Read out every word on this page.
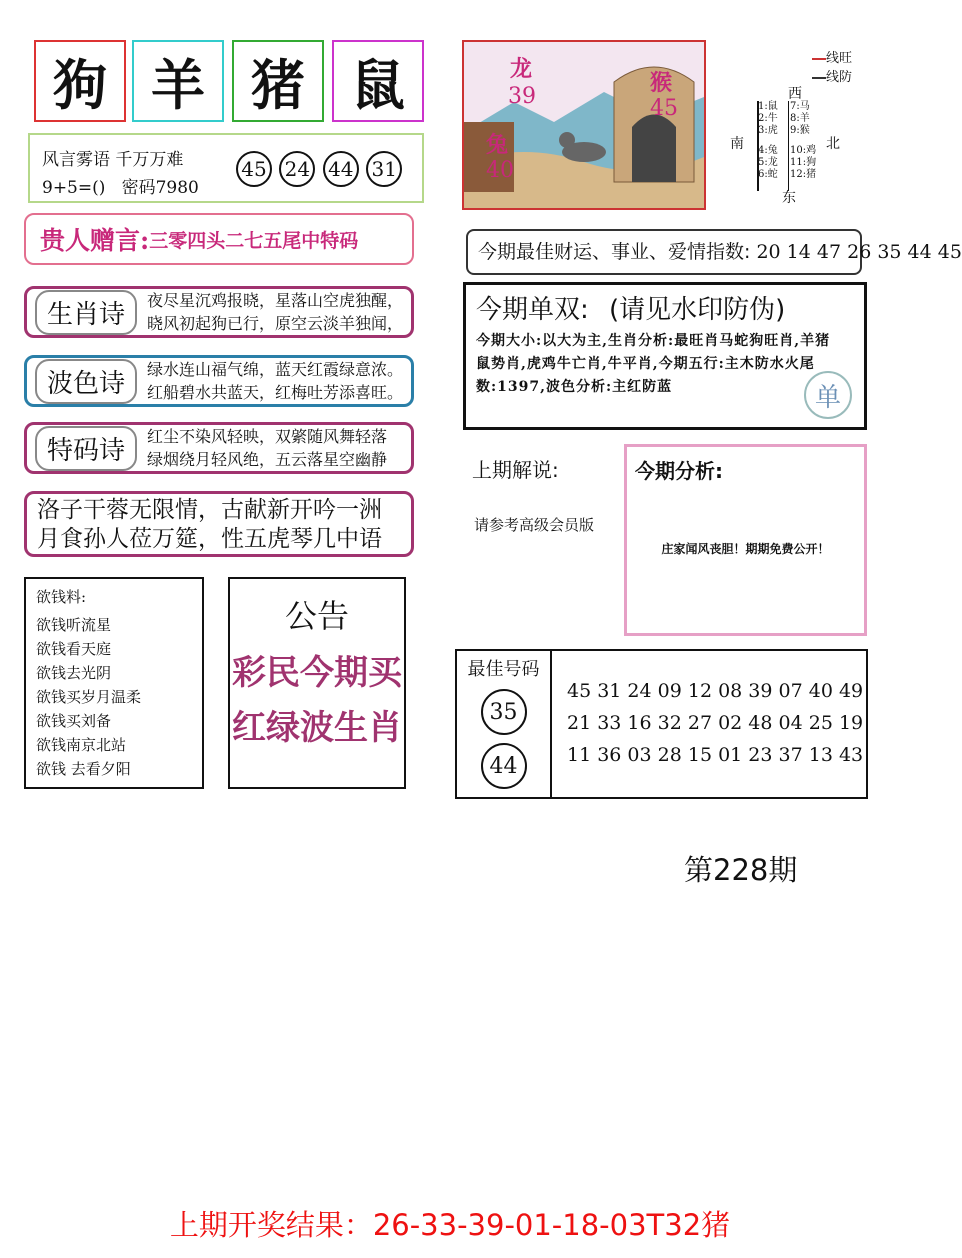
狗 羊 猪 鼠
风言雾语 千万万难
9+5=() 密码7980
45 24 44 31
贵人赠言: 三零四头二七五尾中特码
生肖诗	夜尽星沉鸡报晓，星落山空虎独醒，
晓风初起狗已行，原空云淡羊独闻，
波色诗	绿水连山福气绵，蓝天红霞绿意浓。
红船碧水共蓝天，红梅吐芳添喜旺。
特码诗	红尘不染风轻映，双綮随风舞轻落
绿烟绕月轻风绝，五云落星空幽静
洛子干蓉无限情，古献新开吟一洲
月食孙人莅万筵，性五虎琴几中语
欲钱料:
欲钱听流星
欲钱看天庭
欲钱去光阴
欲钱买岁月温柔
欲钱买刘备
欲钱南京北站
欲钱 去看夕阳
公告
彩民今期买
红绿波生肖
龙
39
兔
40
猴
45
西
南	北
东
线旺
线防
1:鼠
2:牛
3:虎
4:兔
5:龙
6:蛇
7:马
8:羊
9:猴
10:鸡
11:狗
12:猪
今期最佳财运、事业、爱情指数: 20 14 47 26 35 44 45
今期单双: (请见水印防伪)
今期大小:以大为主,生肖分析:最旺肖马蛇狗旺肖,羊猪鼠势肖,虎鸡牛亡肖,牛平肖,今期五行:主木防水火尾数:1397,波色分析:主红防蓝	单
上期解说:
请参考高级会员版
今期分析:
庄家闻风丧胆！期期免费公开！
最佳号码
35
44
45 31 24 09 12 08 39 07 40 49
21 33 16 32 27 02 48 04 25 19
11 36 03 28 15 01 23 37 13 43
第228期
上期开奖结果：26-33-39-01-18-03T32猪
